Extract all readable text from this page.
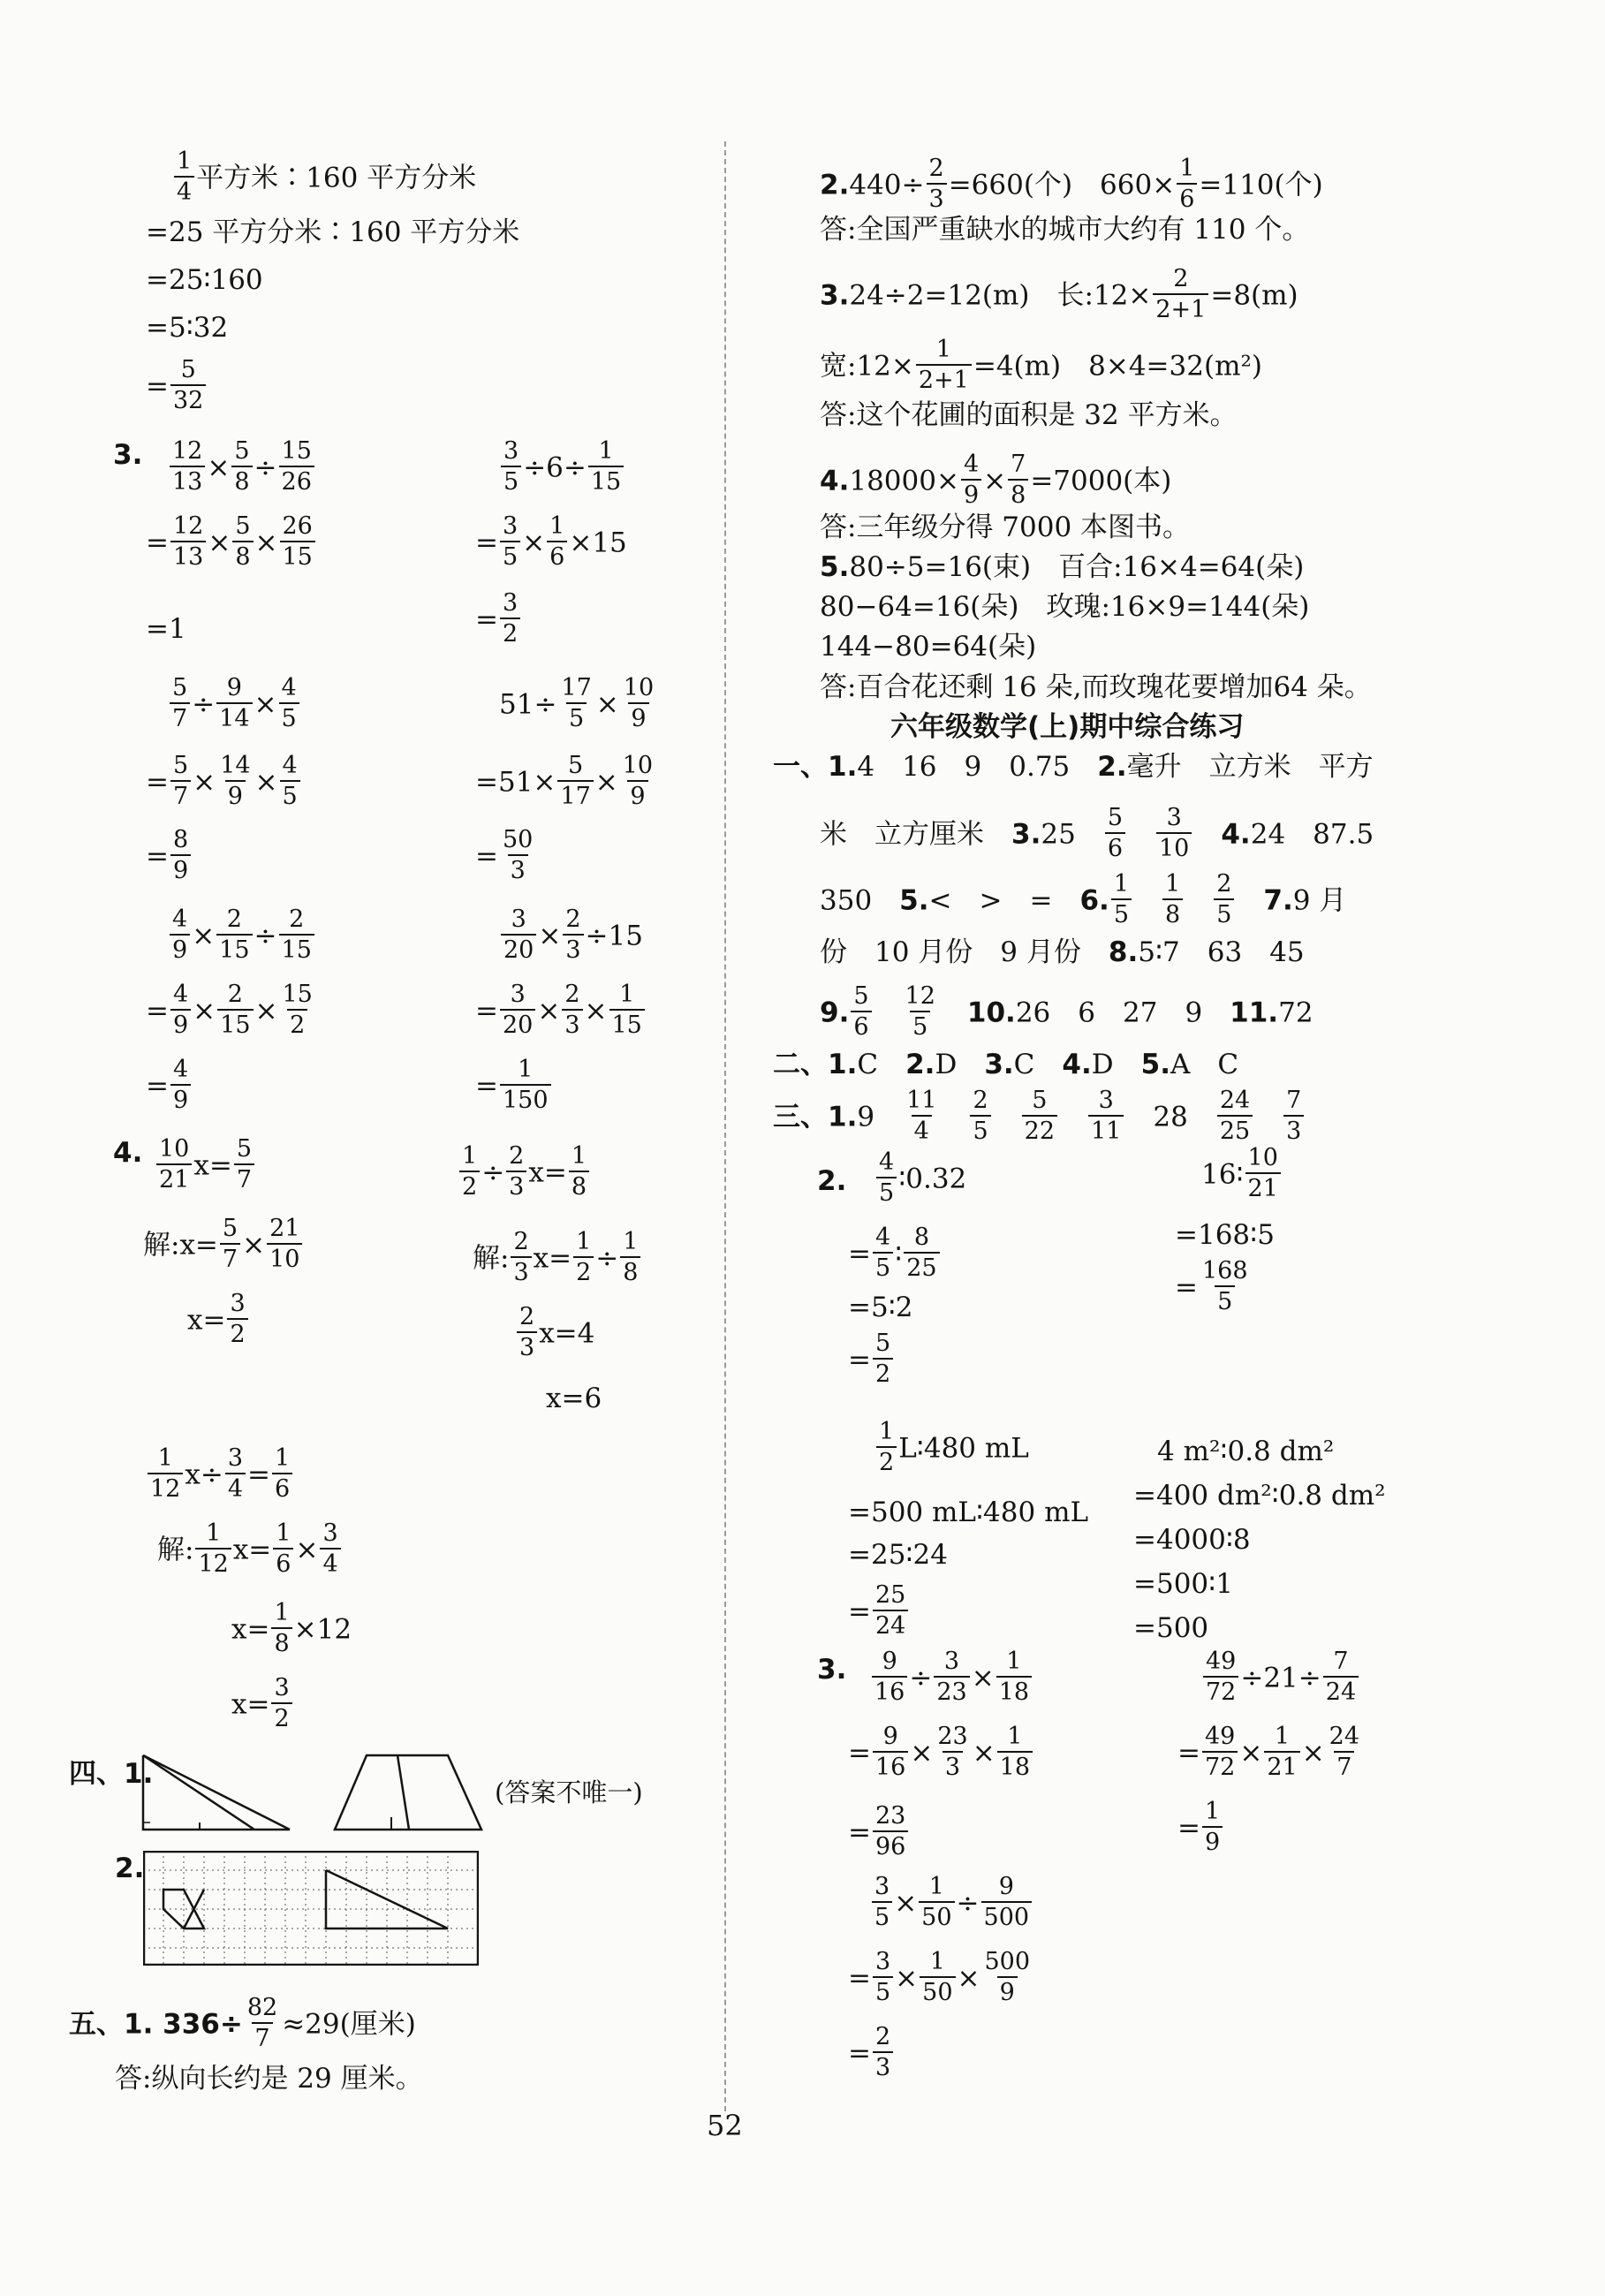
$\frac{1}{4}$ 平方米∶160 平方分米
=25 平方分米∶160 平方分米
=25∶160
=5∶32
= $\frac{5}{32}$
3. $\frac{12}{13} \times \frac{5}{8} \div \frac{15}{26}$
= $\frac{12}{13} \times \frac{5}{8} \times \frac{26}{15}$
=1
$\frac{3}{5} \div 6\div \frac{1}{15}$
= $\frac{3}{5} \times \frac{1}{6} \times 15$
= $\frac{3}{2}$
$\frac{5}{7} \div \frac{9}{14} \times \frac{4}{5}$
= $\frac{5}{7} \times \frac{14}{9} \times \frac{4}{5}$
= $\frac{8}{9}$
$51\div \frac{17}{5} \times \frac{10}{9}$
$=51\times \frac{5}{17} \times \frac{10}{9}$
= $\frac{50}{3}$
$\frac{4}{9} \times \frac{2}{15} \div \frac{2}{15}$
= $\frac{4}{9} \times \frac{2}{15} \times \frac{15}{2}$
= $\frac{4}{9}$
$\frac{3}{20} \times \frac{2}{3} \div 15$
= $\frac{3}{20} \times \frac{2}{3} \times \frac{1}{15}$
= $\frac{1}{150}$
4. $\frac{10}{21} x= \frac{5}{7}$
解:x= $\frac{5}{7} \times \frac{21}{10}$
$x= \frac{3}{2}$
$\frac{1}{2} \div \frac{2}{3} x= \frac{1}{8}$
解: $\frac{2}{3} x= \frac{1}{2} \div \frac{1}{8}$
$\frac{2}{3} x=4$
x=6
$\frac{1}{12} x\div \frac{3}{4} = \frac{1}{6}$
解: $\frac{1}{12} x= \frac{1}{6} \times \frac{3}{4}$
$x= \frac{1}{8} \times 12$
$x= \frac{3}{2}$
四、1.
(答案不唯一)
2.
五、1. $336\div \frac{82}{7} \approx 29$(厘米)
答:纵向长约是 29 厘米。
$2.440\div \frac{2}{3} =660$(个)　$660\times \frac{1}{6} =110$(个)
答:全国严重缺水的城市大约有 110 个。
3.24÷2=12(m)　长:12× $\frac{2}{2+1} =8(m)$
宽:12× $\frac{1}{2+1} =4(m)$　8×4=32(m²)
答:这个花圃的面积是 32 平方米。
$4.18000\times \frac{4}{9} \times \frac{7}{8} =7000$(本)
答:三年级分得 7000 本图书。
5.80÷5=16(束)　百合:16×4=64(朵)
80−64=16(朵)　玫瑰:16×9=144(朵)
144−80=64(朵)
答:百合花还剩 16 朵,而玫瑰花要增加64 朵。
六年级数学(上)期中综合练习
一、1.4　16　9　0.75　 2.毫升　立方米　平方
米　立方厘米　 3.25　 $\frac{5}{6}$
　 $\frac{3}{10}$
　 4.24　87.5
350　 5.<　>　=　 6. $\frac{1}{5}$
　 $\frac{1}{8}$
　 $\frac{2}{5}$
　 7.9 月
份　10 月份　9 月份　 8.5∶7　63　45
9. $\frac{5}{6}$
　 $\frac{12}{5}$
　 10.26　6　27　9　 11.72
二、1.C　 2.D　 3.C　 4.D　 5.A　C
三、1.9　 $\frac{11}{4}$
　 $\frac{2}{5}$
　 $\frac{5}{22}$
　 $\frac{3}{11}$
　 28　 $\frac{24}{25}$
　 $\frac{7}{3}$
2. $\frac{4}{5}$ ∶0.32
= $\frac{4}{5}$ ∶ $\frac{8}{25}$
=5∶2
= $\frac{5}{2}$
16∶ $\frac{10}{21}$
=168∶5
= $\frac{168}{5}$
$\frac{1}{2}$ L∶480 mL
=500 mL∶480 mL
=25∶24
= $\frac{25}{24}$
4 m²∶0.8 dm²
=400 dm²∶0.8 dm²
=4000∶8
=500∶1
=500
3. $\frac{9}{16} \div \frac{3}{23} \times \frac{1}{18}$
= $\frac{9}{16} \times \frac{23}{3} \times \frac{1}{18}$
= $\frac{23}{96}$
$\frac{49}{72} \div 21\div \frac{7}{24}$
= $\frac{49}{72} \times \frac{1}{21} \times \frac{24}{7}$
= $\frac{1}{9}$
$\frac{3}{5} \times \frac{1}{50} \div \frac{9}{500}$
= $\frac{3}{5} \times \frac{1}{50} \times \frac{500}{9}$
= $\frac{2}{3}$
52
